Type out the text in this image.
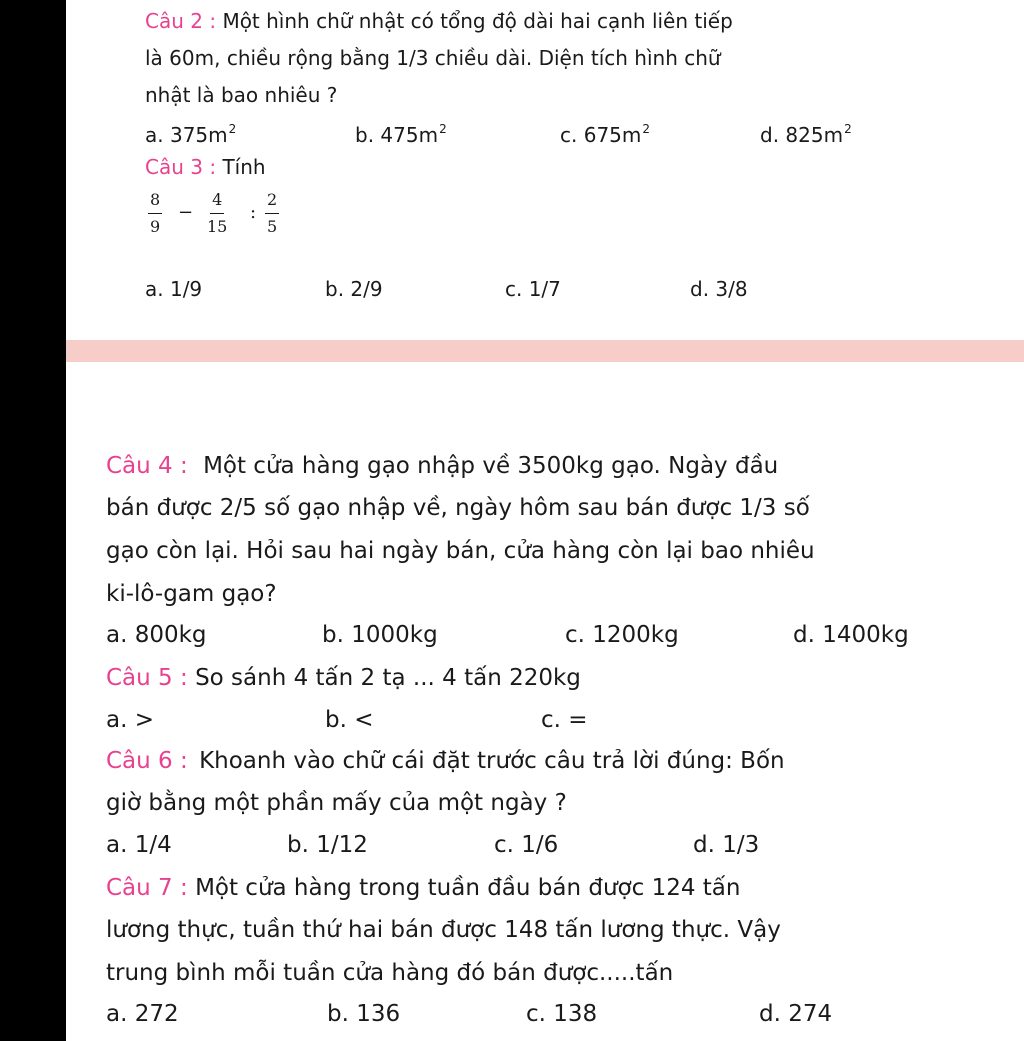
Câu 2 : Một hình chữ nhật có tổng độ dài hai cạnh liên tiếp
là 60m, chiều rộng bằng 1/3 chiều dài. Diện tích hình chữ
nhật là bao nhiêu ?
a. $375m^2$	b. $475m^2$	c. $675m^2$	d. $825m^2$
Câu 3 : Tính
$\frac{8}{9} - \frac{4}{15}$ : $\frac{2}{5}$
a. 1/9	b. 2/9	c. 1/7	d. 3/8
Câu 4 : Một cửa hàng gạo nhập về 3500kg gạo. Ngày đầu
bán được 2/5 số gạo nhập về, ngày hôm sau bán được 1/3 số
gạo còn lại. Hỏi sau hai ngày bán, cửa hàng còn lại bao nhiêu
ki-lô-gam gạo?
a. 800kg	b. 1000kg	c. 1200kg	d. 1400kg
Câu 5 : So sánh 4 tấn 2 tạ ... 4 tấn 220kg
a. >	b. <	c. =
Câu 6 : Khoanh vào chữ cái đặt trước câu trả lời đúng: Bốn
giờ bằng một phần mấy của một ngày ?
a. 1/4	b. 1/12	c. 1/6	d. 1/3
Câu 7 : Một cửa hàng trong tuần đầu bán được 124 tấn
lương thực, tuần thứ hai bán được 148 tấn lương thực. Vậy
trung bình mỗi tuần cửa hàng đó bán được.....tấn
a. 272	b. 136	c. 138	d. 274
